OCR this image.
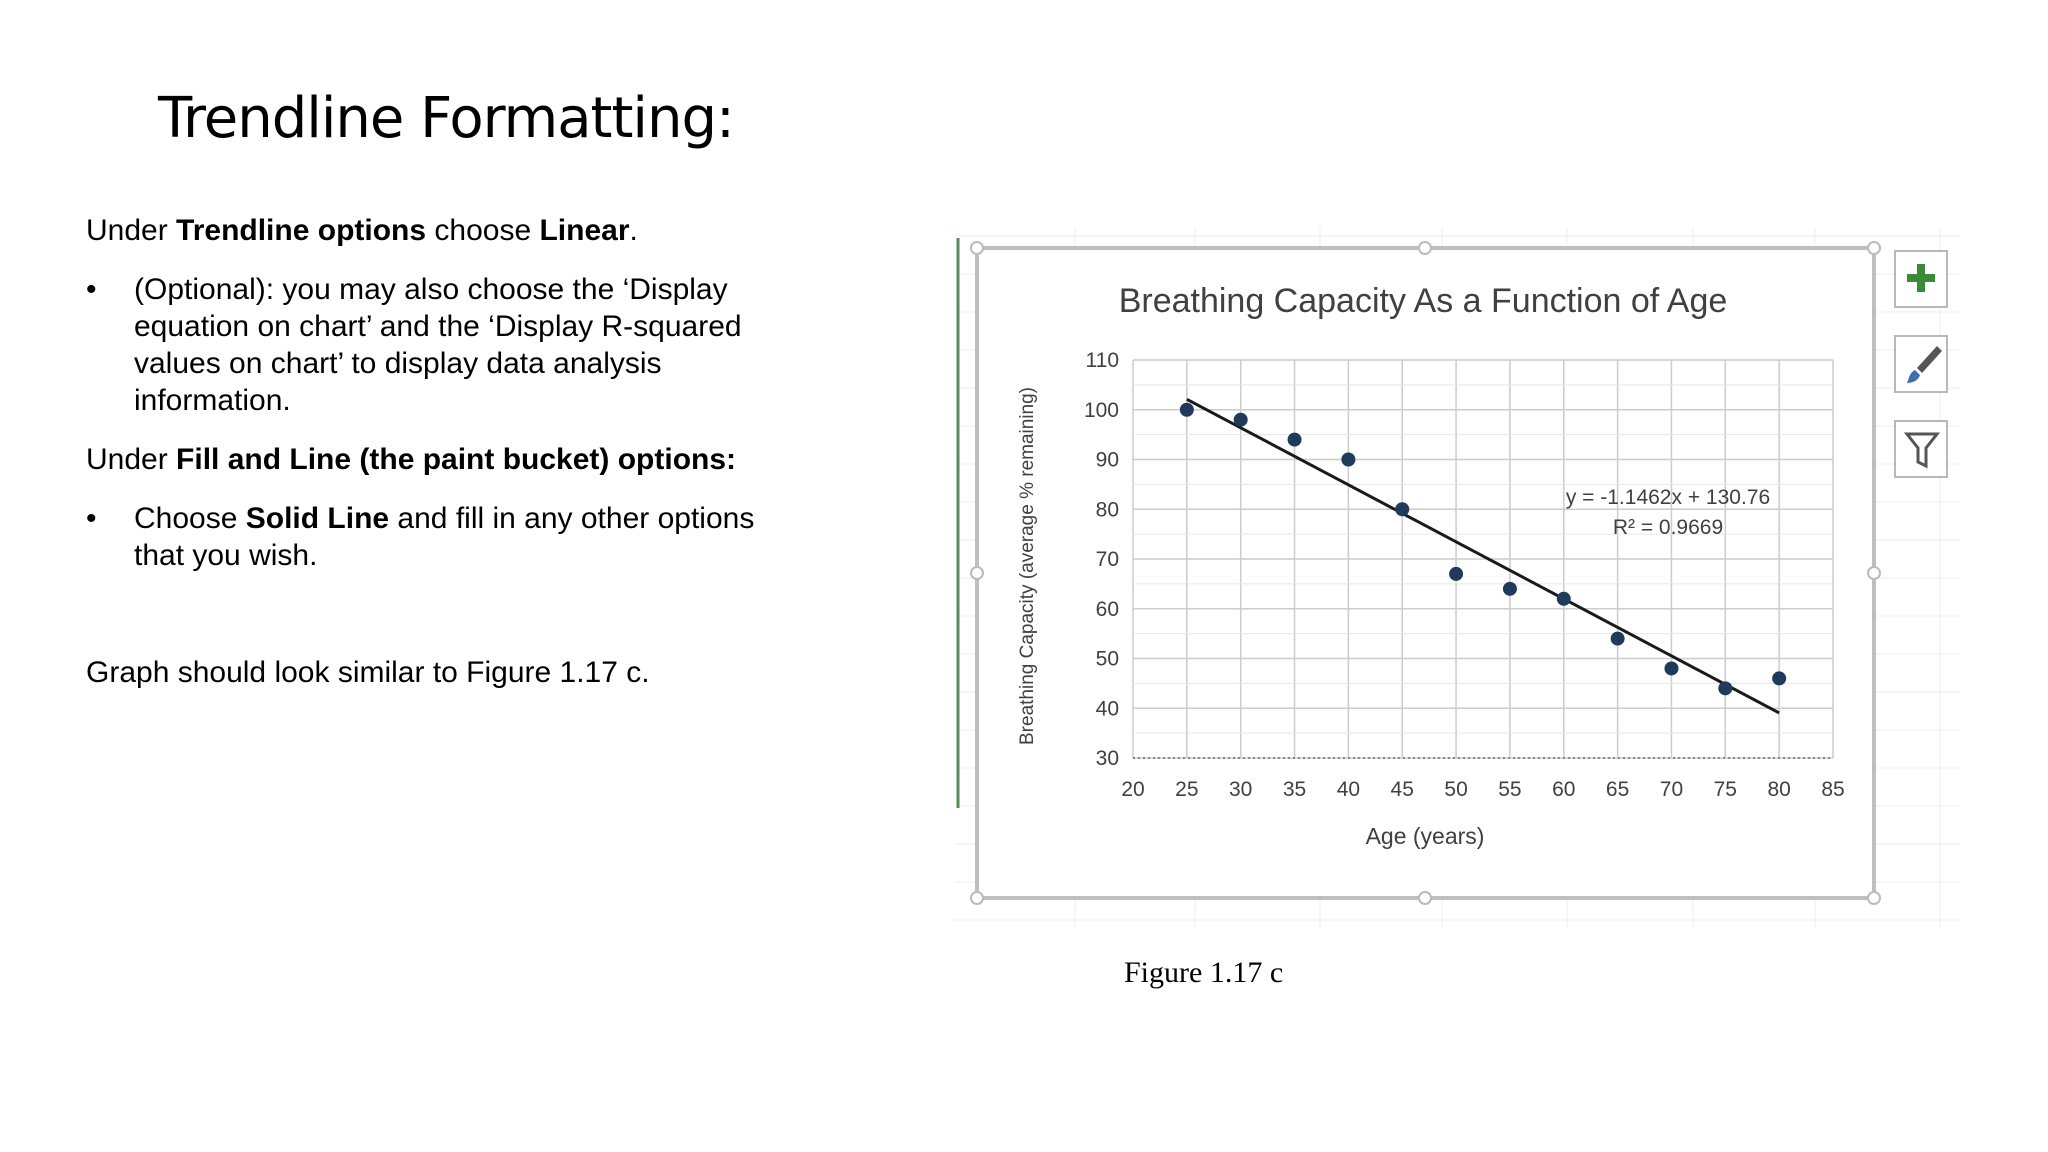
Trendline Formatting:

Under Trendline options choose Linear.

• (Optional): you may also choose the ‘Display equation on chart’ and the ‘Display R-squared values on chart’ to display data analysis information.

Under Fill and Line (the paint bucket) options:

• Choose Solid Line and fill in any other options that you wish.

Graph should look similar to Figure 1.17 c.

Breathing Capacity As a Function of Age
20 25 30 35 40 45 50 55 60 65 70 75 80 85
30
40
50
60
70
80
90
100
110
y = -1.1462x + 130.76
R² = 0.9669
Age (years)
Breathing Capacity (average % remaining)

Figure 1.17 c
